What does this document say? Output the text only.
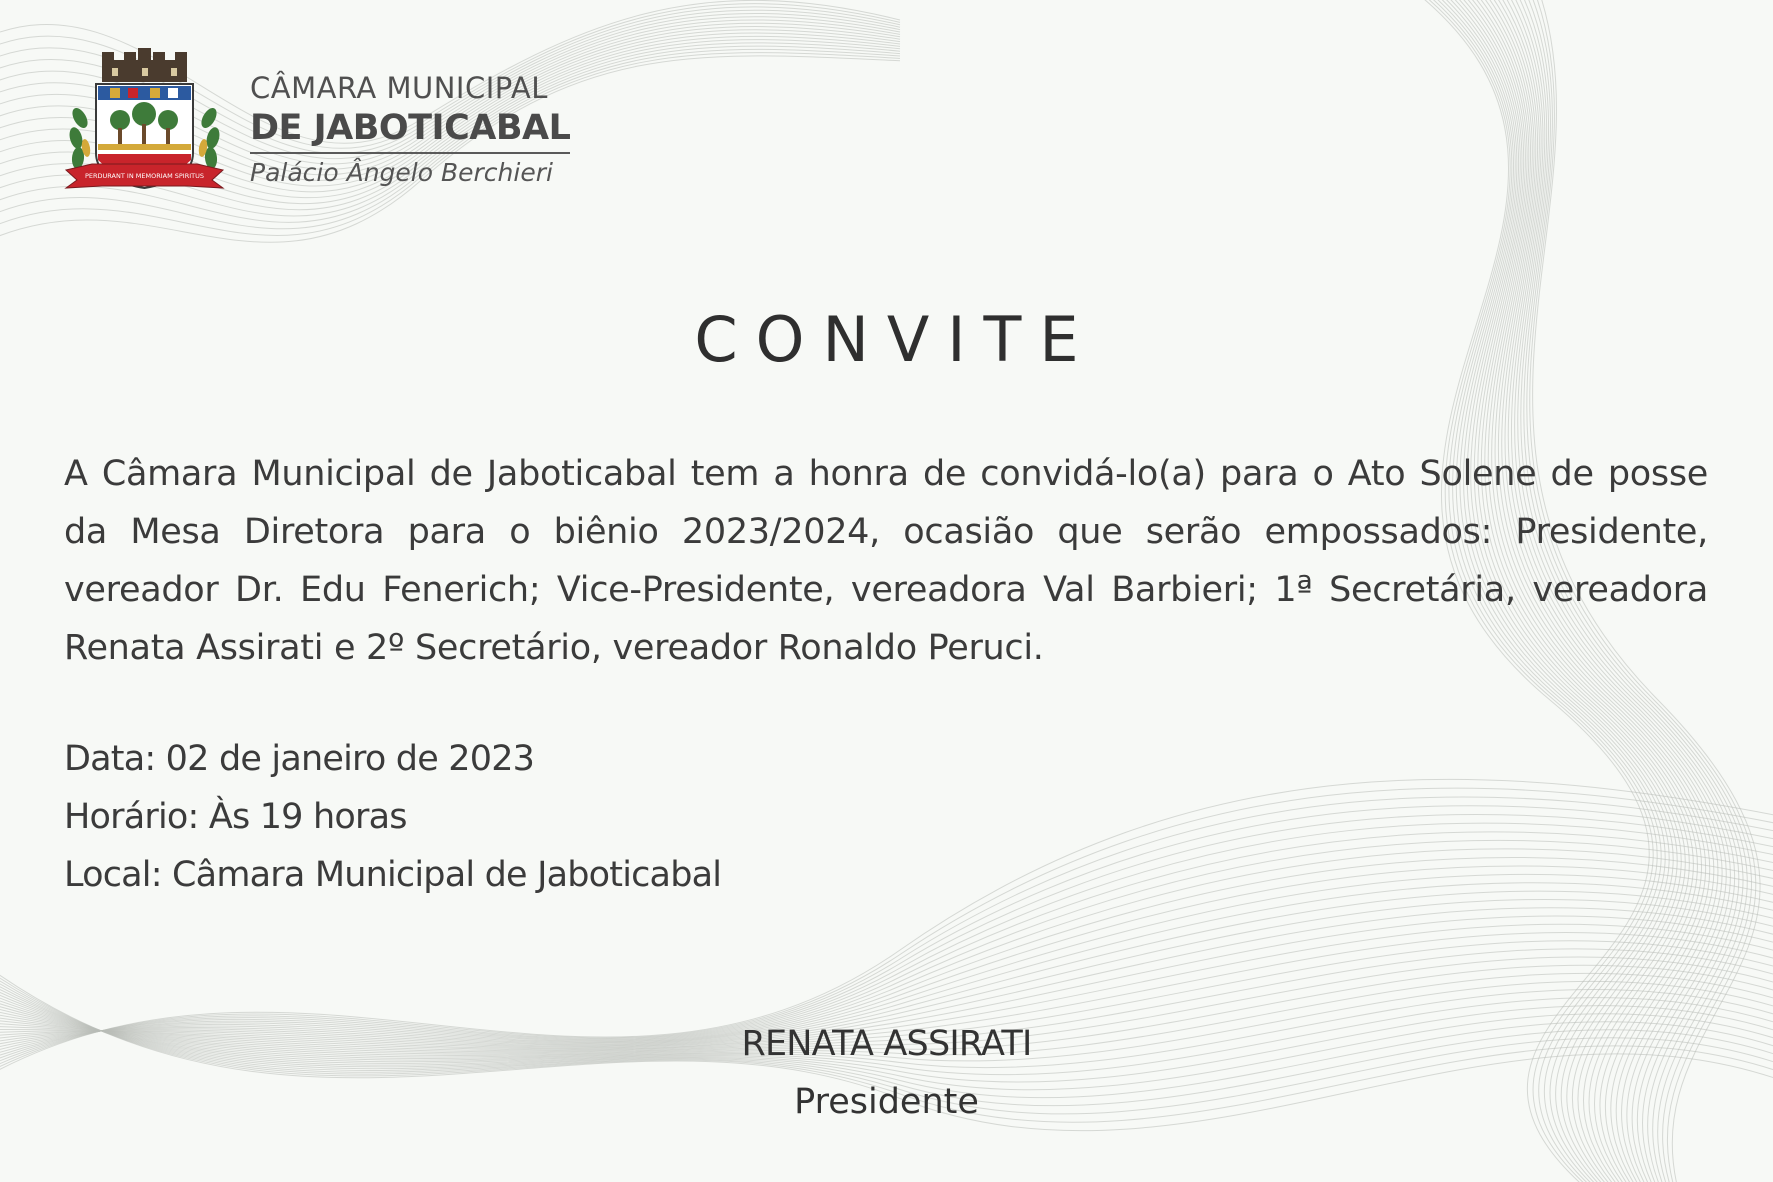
PERDURANT IN MEMORIAM SPIRITUS
CÂMARA MUNICIPAL
DE JABOTICABAL
Palácio Ângelo Berchieri
CONVITE

A Câmara Municipal de Jaboticabal tem a honra de convidá-lo(a) para o Ato Solene de posse da Mesa Diretora para o biênio 2023/2024, ocasião que serão empossados: Presidente, vereador Dr. Edu Fenerich; Vice-Presidente, vereadora Val Barbieri; 1ª Secretária, vereadora Renata Assirati e 2º Secretário, vereador Ronaldo Peruci.

Data: 02 de janeiro de 2023
Horário: Às 19 horas
Local: Câmara Municipal de Jaboticabal
RENATA ASSIRATI
Presidente
